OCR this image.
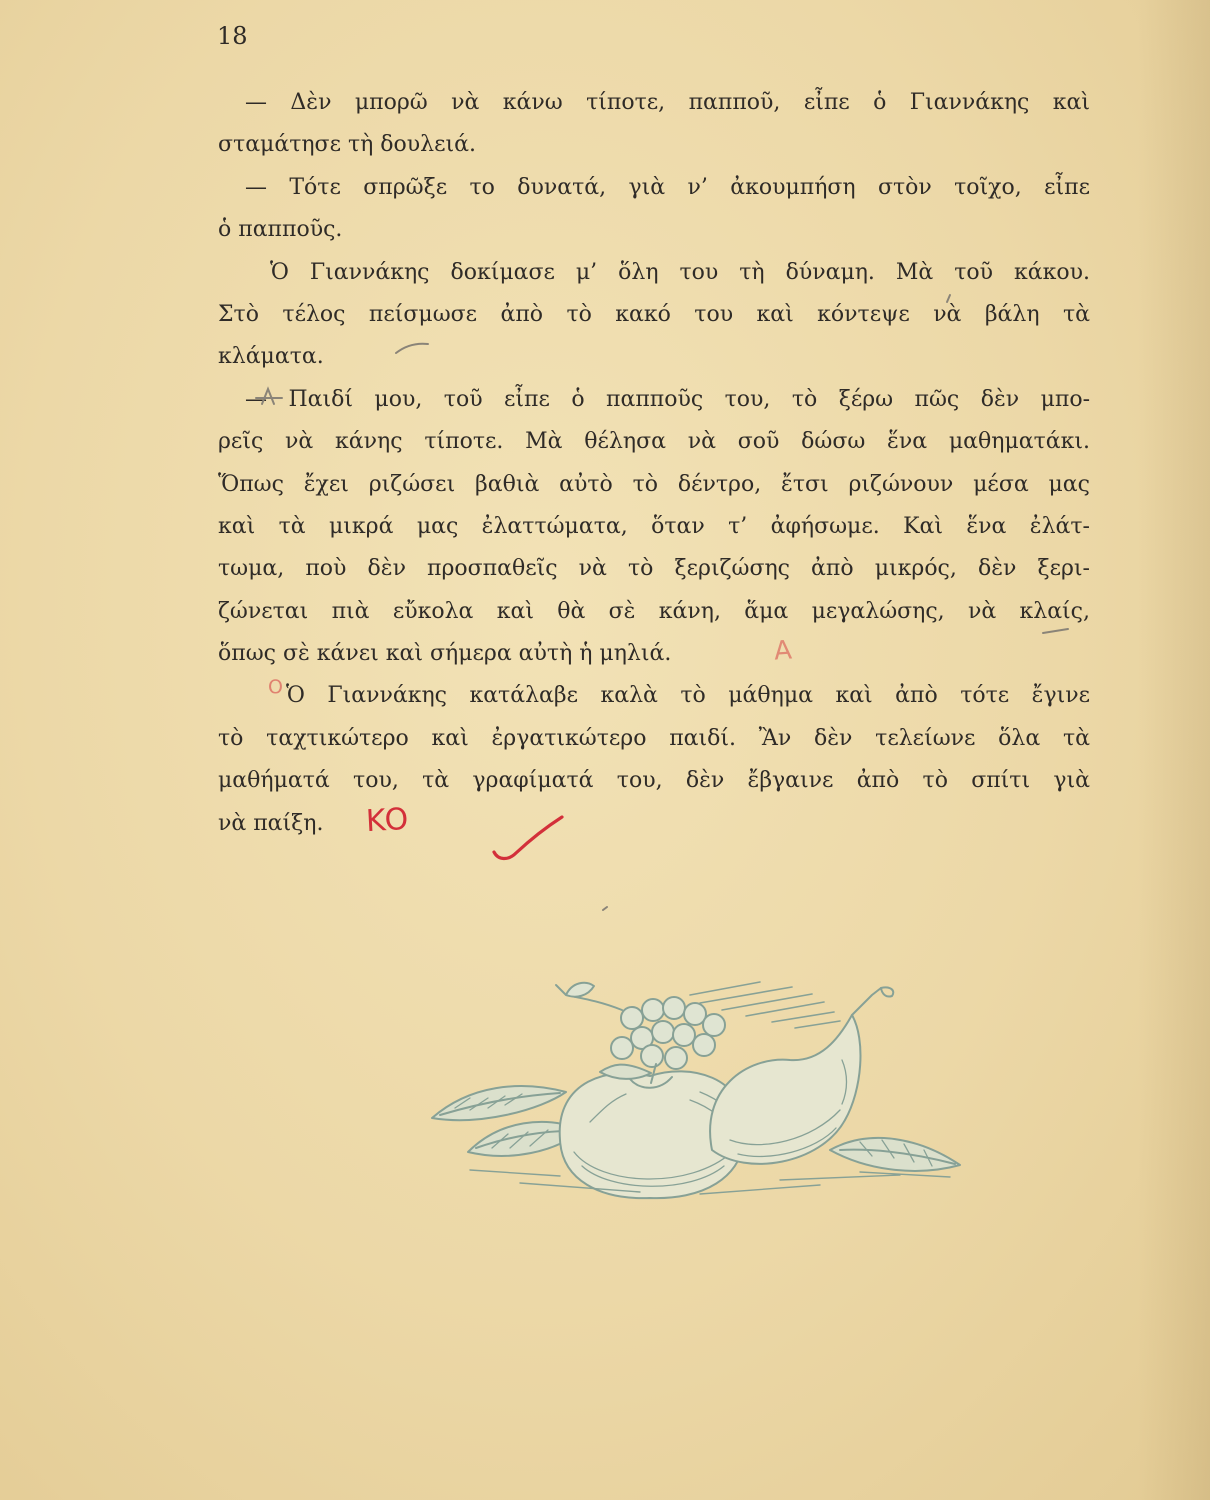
18
— Δὲν μπορῶ νὰ κάνω τίποτε, παπποῦ, εἶπε ὁ Γιαννάκης καὶ
σταμάτησε τὴ δουλειά.
— Τότε σπρῶξε το δυνατά, γιὰ ν’ ἀκουμπήση στὸν τοῖχο, εἶπε
ὁ παπποῦς.
Ὁ Γιαννάκης δοκίμασε μ’ ὅλη του τὴ δύναμη. Μὰ τοῦ κάκου.
Στὸ τέλος πείσμωσε ἀπὸ τὸ κακό του καὶ κόντεψε νὰ βάλη τὰ
κλάματα.
— Παιδί μου, τοῦ εἶπε ὁ παπποῦς του, τὸ ξέρω πῶς δὲν μπο-
ρεῖς νὰ κάνης τίποτε. Μὰ θέλησα νὰ σοῦ δώσω ἕνα μαθηματάκι.
Ὅπως ἔχει ριζώσει βαθιὰ αὐτὸ τὸ δέντρο, ἔτσι ριζώνουν μέσα μας
καὶ τὰ μικρά μας ἐλαττώματα, ὅταν τ’ ἀφήσωμε. Καὶ ἕνα ἐλάτ-
τωμα, ποὺ δὲν προσπαθεῖς νὰ τὸ ξεριζώσης ἀπὸ μικρός, δὲν ξερι-
ζώνεται πιὰ εὔκολα καὶ θὰ σὲ κάνη, ἅμα μεγαλώσης, νὰ κλαίς,
ὅπως σὲ κάνει καὶ σήμερα αὐτὴ ἡ μηλιά.
Ὁ Γιαννάκης κατάλαβε καλὰ τὸ μάθημα καὶ ἀπὸ τότε ἔγινε
τὸ ταχτικώτερο καὶ ἐργατικώτερο παιδί. Ἂν δὲν τελείωνε ὅλα τὰ
μαθήματά του, τὰ γραφίματά του, δὲν ἔβγαινε ἀπὸ τὸ σπίτι γιὰ
νὰ παίξη.
Α
Ο
ΚΟ
